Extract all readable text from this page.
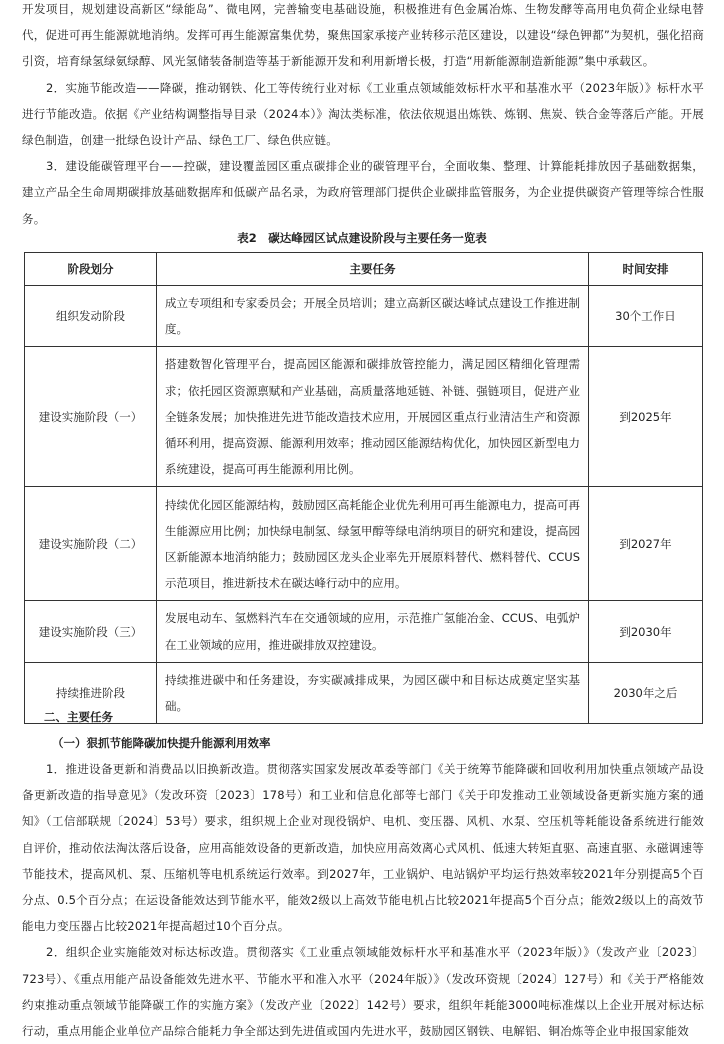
开发项目，规划建设高新区“绿能岛”、微电网，完善输变电基础设施，积极推进有色金属冶炼、生物发酵等高用电负荷企业绿电替代，促进可再生能源就地消纳。发挥可再生能源富集优势，聚焦国家承接产业转移示范区建设，以建设“绿色钾都”为契机，强化招商引资，培育绿氢绿氨绿醇、风光氢储装备制造等基于新能源开发和利用新增长极，打造“用新能源制造新能源”集中承载区。

2．实施节能改造——降碳，推动钢铁、化工等传统行业对标《工业重点领域能效标杆水平和基准水平（2023年版）》标杆水平进行节能改造。依据《产业结构调整指导目录（2024本）》淘汰类标准，依法依规退出炼铁、炼钢、焦炭、铁合金等落后产能。开展绿色制造，创建一批绿色设计产品、绿色工厂、绿色供应链。

3．建设能碳管理平台——控碳，建设覆盖园区重点碳排企业的碳管理平台，全面收集、整理、计算能耗排放因子基础数据集，建立产品全生命周期碳排放基础数据库和低碳产品名录，为政府管理部门提供企业碳排监管服务，为企业提供碳资产管理等综合性服务。

表2　碳达峰园区试点建设阶段与主要任务一览表
阶段划分	主要任务	时间安排
组织发动阶段	成立专项组和专家委员会；开展全员培训；建立高新区碳达峰试点建设工作推进制度。	30个工作日
建设实施阶段（一）	搭建数智化管理平台，提高园区能源和碳排放管控能力，满足园区精细化管理需求；依托园区资源禀赋和产业基础，高质量落地延链、补链、强链项目，促进产业全链条发展；加快推进先进节能改造技术应用，开展园区重点行业清洁生产和资源循环利用，提高资源、能源利用效率；推动园区能源结构优化，加快园区新型电力系统建设，提高可再生能源利用比例。	到2025年
建设实施阶段（二）	持续优化园区能源结构，鼓励园区高耗能企业优先利用可再生能源电力，提高可再生能源应用比例；加快绿电制氢、绿氢甲醇等绿电消纳项目的研究和建设，提高园区新能源本地消纳能力；鼓励园区龙头企业率先开展原料替代、燃料替代、CCUS示范项目，推进新技术在碳达峰行动中的应用。	到2027年
建设实施阶段（三）	发展电动车、氢燃料汽车在交通领域的应用，示范推广氢能冶金、CCUS、电弧炉在工业领域的应用，推进碳排放双控建设。	到2030年
持续推进阶段	持续推进碳中和任务建设，夯实碳减排成果，为园区碳中和目标达成奠定坚实基础。	2030年之后
二、主要任务
（一）狠抓节能降碳加快提升能源利用效率

1．推进设备更新和消费品以旧换新改造。贯彻落实国家发展改革委等部门《关于统筹节能降碳和回收利用加快重点领域产品设备更新改造的指导意见》（发改环资〔2023〕178号）和工业和信息化部等七部门《关于印发推动工业领域设备更新实施方案的通知》（工信部联规〔2024〕53号）要求，组织规上企业对现役锅炉、电机、变压器、风机、水泵、空压机等耗能设备系统进行能效自评价，推动依法淘汰落后设备，应用高能效设备的更新改造，加快应用高效离心式风机、低速大转矩直驱、高速直驱、永磁调速等节能技术，提高风机、泵、压缩机等电机系统运行效率。到2027年，工业锅炉、电站锅炉平均运行热效率较2021年分别提高5个百分点、0.5个百分点；在运设备能效达到节能水平，能效2级以上高效节能电机占比较2021年提高5个百分点；能效2级以上的高效节能电力变压器占比较2021年提高超过10个百分点。

2．组织企业实施能效对标达标改造。贯彻落实《工业重点领域能效标杆水平和基准水平（2023年版）》（发改产业〔2023〕723号）、《重点用能产品设备能效先进水平、节能水平和准入水平（2024年版）》（发改环资规〔2024〕127号）和《关于严格能效约束推动重点领域节能降碳工作的实施方案》（发改产业〔2022〕142号）要求，组织年耗能3000吨标准煤以上企业开展对标达标行动，重点用能企业单位产品综合能耗力争全部达到先进值或国内先进水平，鼓励园区钢铁、电解铝、铜冶炼等企业申报国家能效
